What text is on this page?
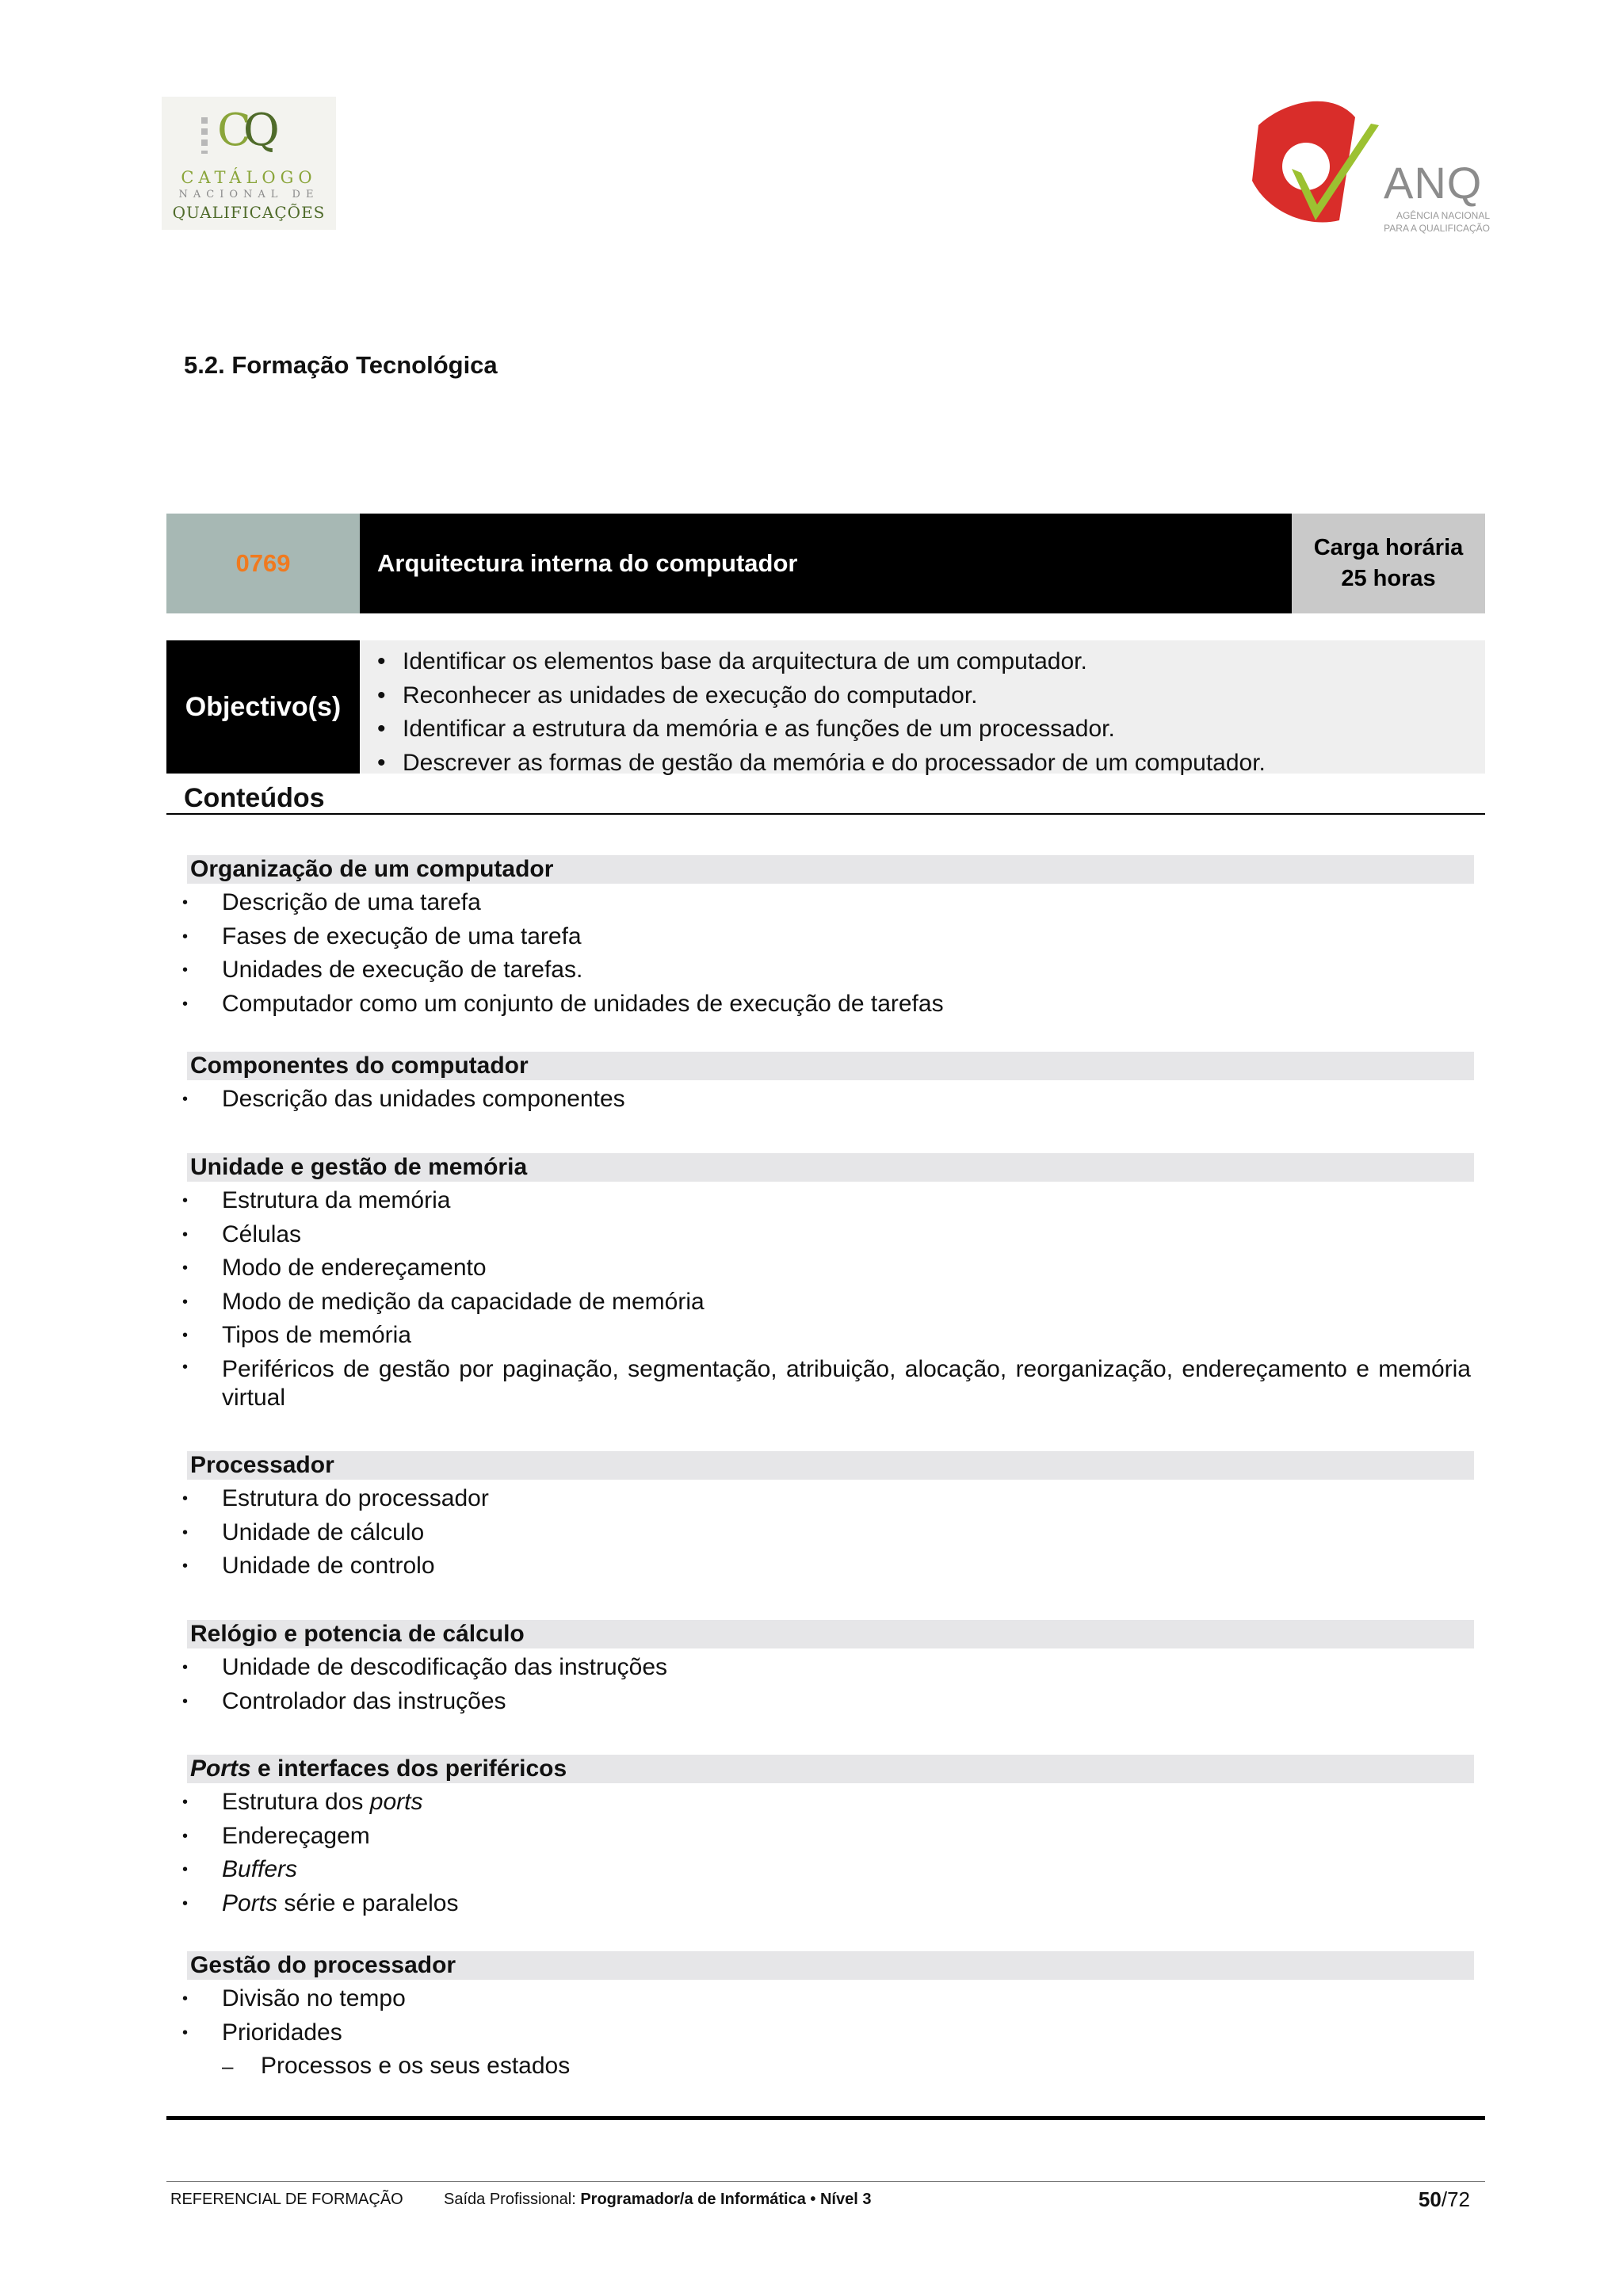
CQ
CATÁLOGO
NACIONAL DE
QUALIFICAÇÕES
ANQ
AGÊNCIA NACIONAL
PARA A QUALIFICAÇÃO
5.2. Formação Tecnológica
0769	Arquitectura interna do computador
Carga horária
25 horas
Objectivo(s)
• Identificar os elementos base da arquitectura de um computador.
• Reconhecer as unidades de execução do computador.
• Identificar a estrutura da memória e as funções de um processador.
• Descrever as formas de gestão da memória e do processador de um computador.
Conteúdos
Organização de um computador
• Descrição de uma tarefa
• Fases de execução de uma tarefa
• Unidades de execução de tarefas.
• Computador como um conjunto de unidades de execução de tarefas
Componentes do computador
• Descrição das unidades componentes
Unidade e gestão de memória
• Estrutura da memória
• Células
• Modo de endereçamento
• Modo de medição da capacidade de memória
• Tipos de memória
• Periféricos de gestão por paginação, segmentação, atribuição, alocação, reorganização, endereçamento e memória virtual
Processador
• Estrutura do processador
• Unidade de cálculo
• Unidade de controlo
Relógio e potencia de cálculo
• Unidade de descodificação das instruções
• Controlador das instruções
Ports e interfaces dos periféricos
• Estrutura dos ports
• Endereçagem
• Buffers
• Ports série e paralelos
Gestão do processador
• Divisão no tempo
• Prioridades
– Processos e os seus estados
REFERENCIAL DE FORMAÇÃO	Saída Profissional: Programador/a de Informática • Nível 3	50/72
